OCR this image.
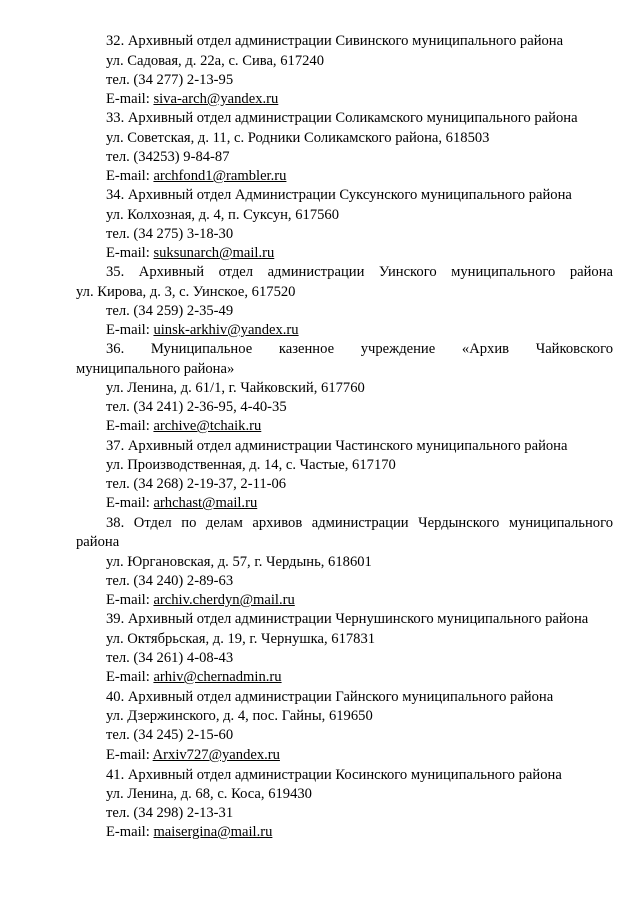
32. Архивный отдел администрации Сивинского муниципального района
ул. Садовая, д. 22а, с. Сива, 617240
тел. (34 277) 2-13-95
E-mail: siva-arch@yandex.ru
33. Архивный отдел администрации Соликамского муниципального района
ул. Советская, д. 11, с. Родники Соликамского района, 618503
тел. (34253) 9-84-87
E-mail: archfond1@rambler.ru
34. Архивный отдел Администрации Суксунского муниципального района
ул. Колхозная, д. 4, п. Суксун, 617560
тел. (34 275) 3-18-30
E-mail: suksunarch@mail.ru
35. Архивный отдел администрации Уинского муниципального района
ул. Кирова, д. 3, с. Уинское, 617520
тел. (34 259) 2-35-49
E-mail: uinsk-arkhiv@yandex.ru
36. Муниципальное казенное учреждение «Архив Чайковского
муниципального района»
ул. Ленина, д. 61/1, г. Чайковский, 617760
тел. (34 241) 2-36-95, 4-40-35
E-mail: archive@tchaik.ru
37. Архивный отдел администрации Частинского муниципального района
ул. Производственная, д. 14, с. Частые, 617170
тел. (34 268) 2-19-37, 2-11-06
E-mail: arhchast@mail.ru
38. Отдел по делам архивов администрации Чердынского муниципального
района
ул. Юргановская, д. 57, г. Чердынь, 618601
тел. (34 240) 2-89-63
E-mail: archiv.cherdyn@mail.ru
39. Архивный отдел администрации Чернушинского муниципального района
ул. Октябрьская, д. 19, г. Чернушка, 617831
тел. (34 261) 4-08-43
E-mail: arhiv@chernadmin.ru
40. Архивный отдел администрации Гайнского муниципального района
ул. Дзержинского, д. 4, пос. Гайны, 619650
тел. (34 245) 2-15-60
E-mail: Arxiv727@yandex.ru
41. Архивный отдел администрации Косинского муниципального района
ул. Ленина, д. 68, с. Коса, 619430
тел. (34 298) 2-13-31
E-mail: maisergina@mail.ru
